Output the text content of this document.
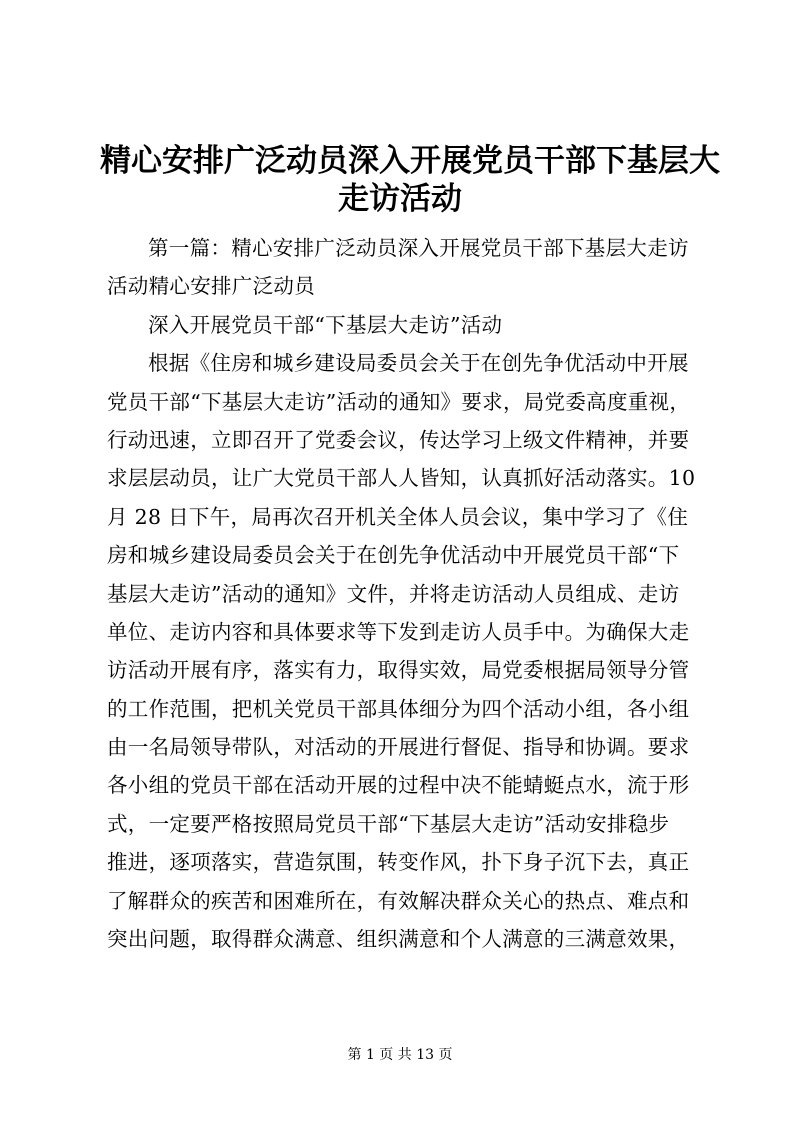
精心安排广泛动员深入开展党员干部下基层大
走访活动
第一篇：精心安排广泛动员深入开展党员干部下基层大走访
活动精心安排广泛动员
深入开展党员干部“下基层大走访”活动
根据《住房和城乡建设局委员会关于在创先争优活动中开展
党员干部“下基层大走访”活动的通知》要求，局党委高度重视，
行动迅速，立即召开了党委会议，传达学习上级文件精神，并要
求层层动员，让广大党员干部人人皆知，认真抓好活动落实。10
月 28 日下午，局再次召开机关全体人员会议，集中学习了《住
房和城乡建设局委员会关于在创先争优活动中开展党员干部“下
基层大走访”活动的通知》文件，并将走访活动人员组成、走访
单位、走访内容和具体要求等下发到走访人员手中。为确保大走
访活动开展有序，落实有力，取得实效，局党委根据局领导分管
的工作范围，把机关党员干部具体细分为四个活动小组，各小组
由一名局领导带队，对活动的开展进行督促、指导和协调。要求
各小组的党员干部在活动开展的过程中决不能蜻蜓点水，流于形
式，一定要严格按照局党员干部“下基层大走访”活动安排稳步
推进，逐项落实，营造氛围，转变作风，扑下身子沉下去，真正
了解群众的疾苦和困难所在，有效解决群众关心的热点、难点和
突出问题，取得群众满意、组织满意和个人满意的三满意效果，
第 1 页 共 13 页
